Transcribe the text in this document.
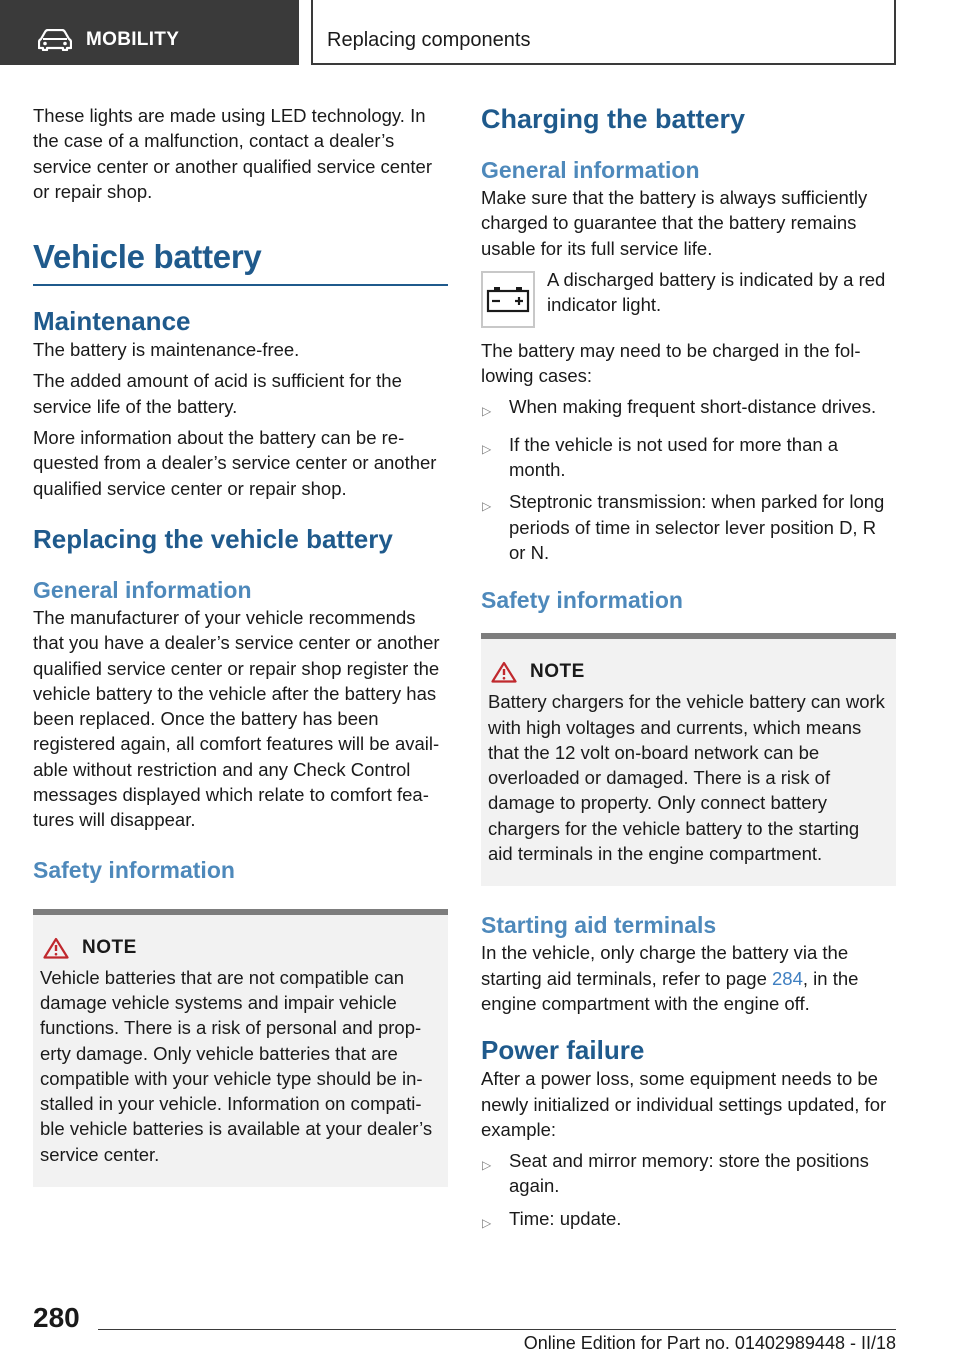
MOBILITY	Replacing components

These lights are made using LED technology. In the case of a malfunction, contact a dealer’s service center or another qualified service center or repair shop.

Vehicle battery
Maintenance

The battery is maintenance-free.

The added amount of acid is sufficient for the service life of the battery.

More information about the battery can be re-quested from a dealer’s service center or another qualified service center or repair shop.

Replacing the vehicle battery
General information

The manufacturer of your vehicle recommends that you have a dealer’s service center or another qualified service center or repair shop register the vehicle battery to the vehicle after the battery has been replaced. Once the battery has been registered again, all comfort features will be avail-able without restriction and any Check Control messages displayed which relate to comfort fea-tures will disappear.

Safety information
NOTE

Vehicle batteries that are not compatible can damage vehicle systems and impair vehicle functions. There is a risk of personal and prop-erty damage. Only vehicle batteries that are compatible with your vehicle type should be in-stalled in your vehicle. Information on compati-ble vehicle batteries is available at your dealer’s service center.

Charging the battery
General information

Make sure that the battery is always sufficiently charged to guarantee that the battery remains usable for its full service life.

A discharged battery is indicated by a red indicator light.

The battery may need to be charged in the fol-lowing cases:

▷ When making frequent short-distance drives.
▷ If the vehicle is not used for more than a month.
▷ Steptronic transmission: when parked for long periods of time in selector lever position D, R or N.
Safety information
NOTE

Battery chargers for the vehicle battery can work with high voltages and currents, which means that the 12 volt on-board network can be overloaded or damaged. There is a risk of damage to property. Only connect battery chargers for the vehicle battery to the starting aid terminals in the engine compartment.

Starting aid terminals

In the vehicle, only charge the battery via the starting aid terminals, refer to page 284, in the engine compartment with the engine off.

Power failure

After a power loss, some equipment needs to be newly initialized or individual settings updated, for example:

▷ Seat and mirror memory: store the positions again.
▷ Time: update.
280
Online Edition for Part no. 01402989448 - II/18
